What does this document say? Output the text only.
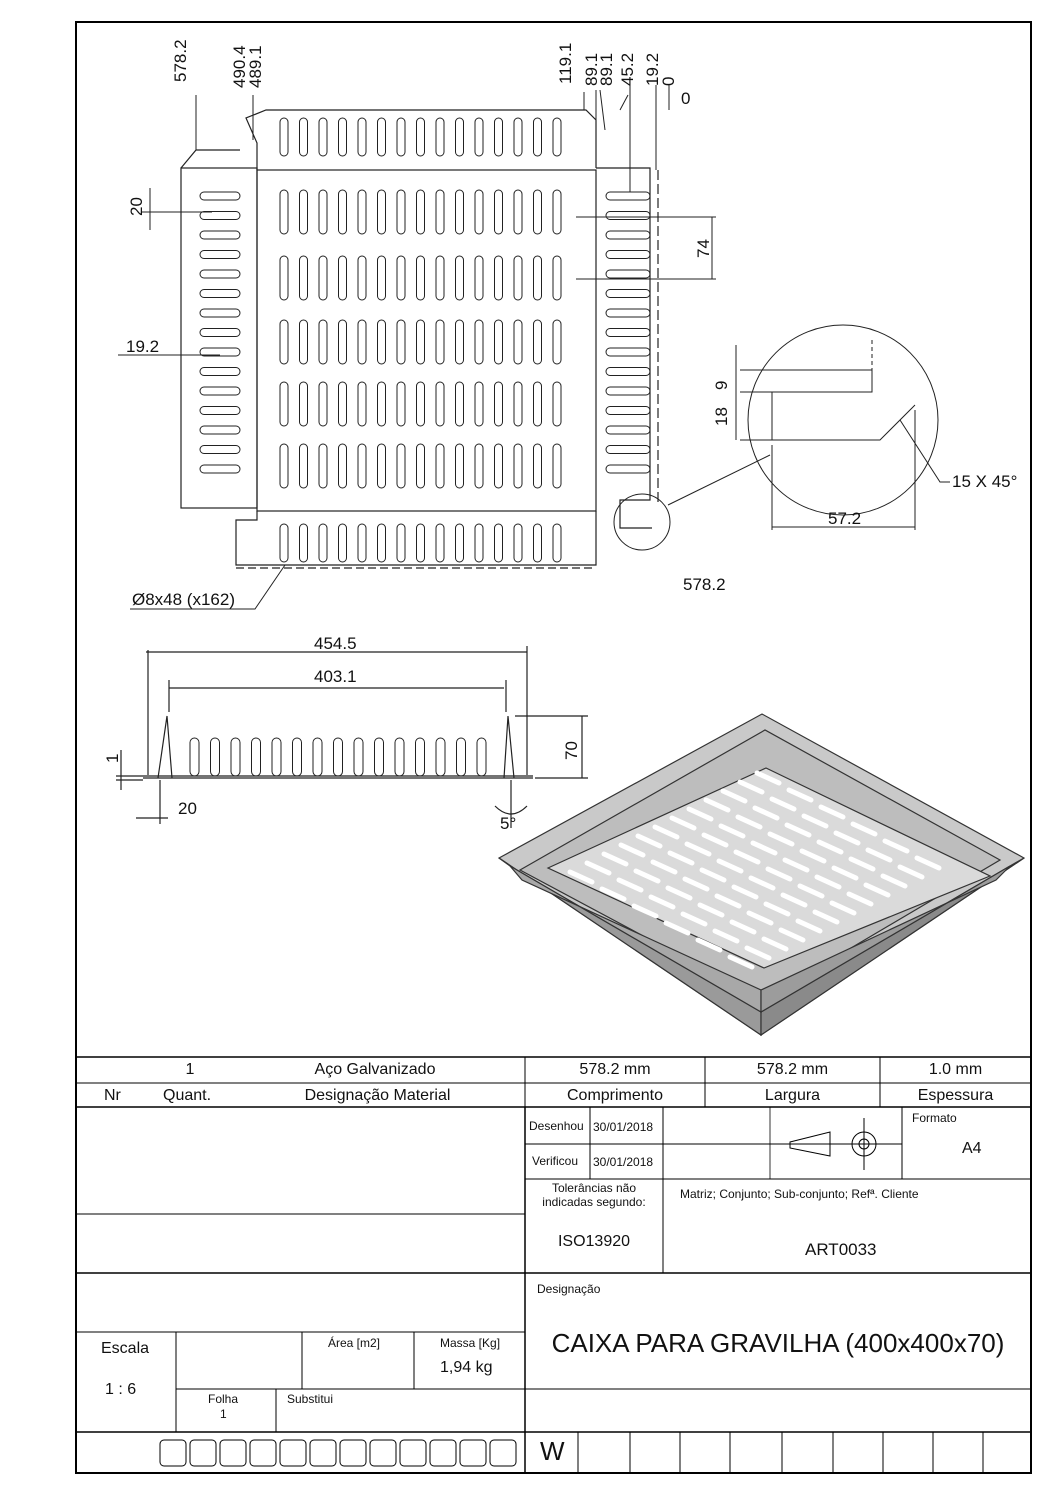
578.2 490.4
489.1	119.1 89.1
89.1 45.2 19.2
0
0
20
74
19.2
578.2
Ø8x48 (x162)
9
18
15 X 45°
57.2
454.5
403.1
70
1
20
5°
1	Aço Galvanizado	578.2 mm	578.2 mm	1.0 mm
Nr	Quant.	Designação Material	Comprimento	Largura	Espessura
Desenhou 30/01/2018
Verificou 30/01/2018
Formato
A4
Tolerâncias não
indicadas segundo:
ISO13920
Matriz; Conjunto; Sub-conjunto; Refª. Cliente
ART0033
Designação
CAIXA PARA GRAVILHA (400x400x70)
Escala
1 : 6
Área [m2]	Massa [Kg]
1,94 kg
Folha
1
Substitui
W
